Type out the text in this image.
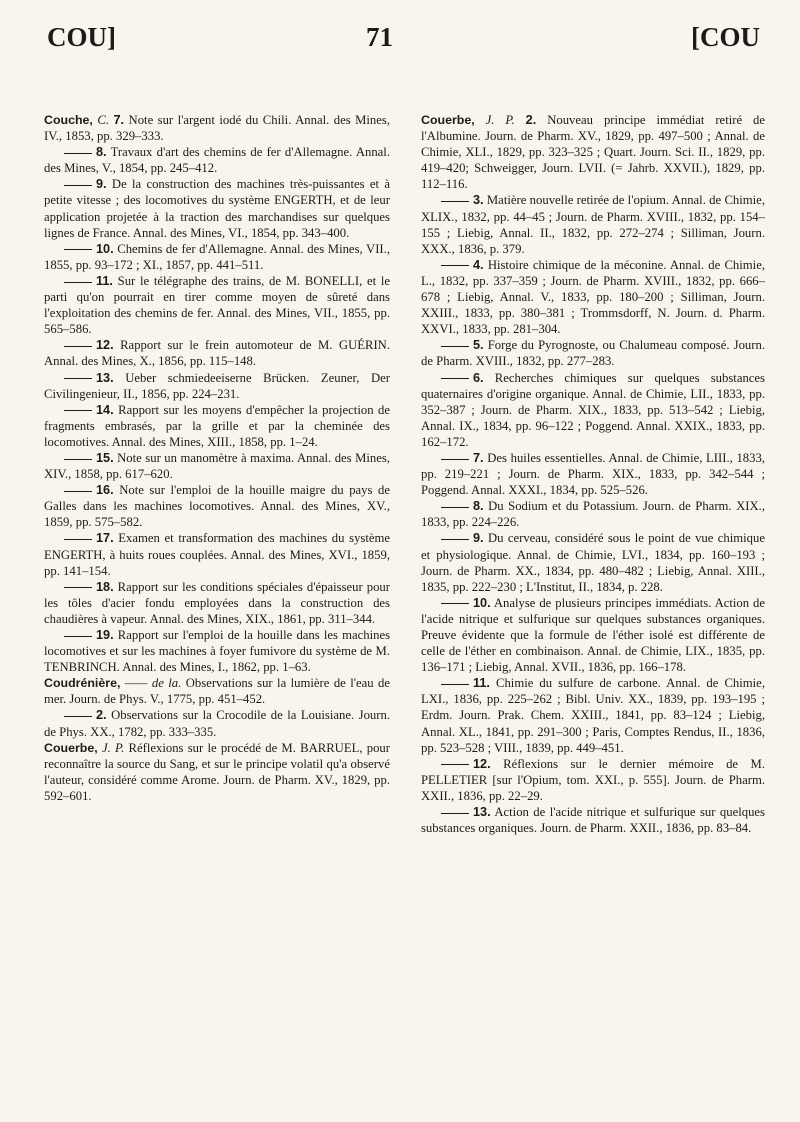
COU]	71	[COU

Couche, C. 7. Note sur l'argent iodé du Chili. Annal. des Mines, IV., 1853, pp. 329–333.

8. Travaux d'art des chemins de fer d'Allemagne. Annal. des Mines, V., 1854, pp. 245–412.

9. De la construction des machines très-puissantes et à petite vitesse ; des locomotives du système ENGERTH, et de leur application projetée à la traction des marchandises sur quelques lignes de France. Annal. des Mines, VI., 1854, pp. 343–400.

10. Chemins de fer d'Allemagne. Annal. des Mines, VII., 1855, pp. 93–172 ; XI., 1857, pp. 441–511.

11. Sur le télégraphe des trains, de M. BONELLI, et le parti qu'on pourrait en tirer comme moyen de sûreté dans l'exploitation des chemins de fer. Annal. des Mines, VII., 1855, pp. 565–586.

12. Rapport sur le frein automoteur de M. GUÉRIN. Annal. des Mines, X., 1856, pp. 115–148.

13. Ueber schmiedeeiserne Brücken. Zeuner, Der Civilingenieur, II., 1856, pp. 224–231.

14. Rapport sur les moyens d'empêcher la projection de fragments embrasés, par la grille et par la cheminée des locomotives. Annal. des Mines, XIII., 1858, pp. 1–24.

15. Note sur un manomètre à maxima. Annal. des Mines, XIV., 1858, pp. 617–620.

16. Note sur l'emploi de la houille maigre du pays de Galles dans les machines locomotives. Annal. des Mines, XV., 1859, pp. 575–582.

17. Examen et transformation des machines du système ENGERTH, à huits roues couplées. Annal. des Mines, XVI., 1859, pp. 141–154.

18. Rapport sur les conditions spéciales d'épaisseur pour les tôles d'acier fondu employées dans la construction des chaudières à vapeur. Annal. des Mines, XIX., 1861, pp. 311–344.

19. Rapport sur l'emploi de la houille dans les machines locomotives et sur les machines à foyer fumivore du système de M. TENBRINCH. Annal. des Mines, I., 1862, pp. 1–63.

Coudrénière, —— de la. Observations sur la lumière de l'eau de mer. Journ. de Phys. V., 1775, pp. 451–452.

2. Observations sur la Crocodile de la Louisiane. Journ. de Phys. XX., 1782, pp. 333–335.

Couerbe, J. P. Réflexions sur le procédé de M. BARRUEL, pour reconnaître la source du Sang, et sur le principe volatil qu'a observé l'auteur, considéré comme Arome. Journ. de Pharm. XV., 1829, pp. 592–601.

Couerbe, J. P. 2. Nouveau principe immédiat retiré de l'Albumine. Journ. de Pharm. XV., 1829, pp. 497–500 ; Annal. de Chimie, XLI., 1829, pp. 323–325 ; Quart. Journ. Sci. II., 1829, pp. 419–420; Schweigger, Journ. LVII. (= Jahrb. XXVII.), 1829, pp. 112–116.

3. Matière nouvelle retirée de l'opium. Annal. de Chimie, XLIX., 1832, pp. 44–45 ; Journ. de Pharm. XVIII., 1832, pp. 154–155 ; Liebig, Annal. II., 1832, pp. 272–274 ; Silliman, Journ. XXX., 1836, p. 379.

4. Histoire chimique de la méconine. Annal. de Chimie, L., 1832, pp. 337–359 ; Journ. de Pharm. XVIII., 1832, pp. 666–678 ; Liebig, Annal. V., 1833, pp. 180–200 ; Silliman, Journ. XXIII., 1833, pp. 380–381 ; Trommsdorff, N. Journ. d. Pharm. XXVI., 1833, pp. 281–304.

5. Forge du Pyrognoste, ou Chalumeau composé. Journ. de Pharm. XVIII., 1832, pp. 277–283.

6. Recherches chimiques sur quelques substances quaternaires d'origine organique. Annal. de Chimie, LII., 1833, pp. 352–387 ; Journ. de Pharm. XIX., 1833, pp. 513–542 ; Liebig, Annal. IX., 1834, pp. 96–122 ; Poggend. Annal. XXIX., 1833, pp. 162–172.

7. Des huiles essentielles. Annal. de Chimie, LIII., 1833, pp. 219–221 ; Journ. de Pharm. XIX., 1833, pp. 342–544 ; Poggend. Annal. XXXI., 1834, pp. 525–526.

8. Du Sodium et du Potassium. Journ. de Pharm. XIX., 1833, pp. 224–226.

9. Du cerveau, considéré sous le point de vue chimique et physiologique. Annal. de Chimie, LVI., 1834, pp. 160–193 ; Journ. de Pharm. XX., 1834, pp. 480–482 ; Liebig, Annal. XIII., 1835, pp. 222–230 ; L'Institut, II., 1834, p. 228.

10. Analyse de plusieurs principes immédiats. Action de l'acide nitrique et sulfurique sur quelques substances organiques. Preuve évidente que la formule de l'éther isolé est différente de celle de l'éther en combinaison. Annal. de Chimie, LIX., 1835, pp. 136–171 ; Liebig, Annal. XVII., 1836, pp. 166–178.

11. Chimie du sulfure de carbone. Annal. de Chimie, LXI., 1836, pp. 225–262 ; Bibl. Univ. XX., 1839, pp. 193–195 ; Erdm. Journ. Prak. Chem. XXIII., 1841, pp. 83–124 ; Liebig, Annal. XL., 1841, pp. 291–300 ; Paris, Comptes Rendus, II., 1836, pp. 523–528 ; VIII., 1839, pp. 449–451.

12. Réflexions sur le dernier mémoire de M. PELLETIER [sur l'Opium, tom. XXI., p. 555]. Journ. de Pharm. XXII., 1836, pp. 22–29.

13. Action de l'acide nitrique et sulfurique sur quelques substances organiques. Journ. de Pharm. XXII., 1836, pp. 83–84.
